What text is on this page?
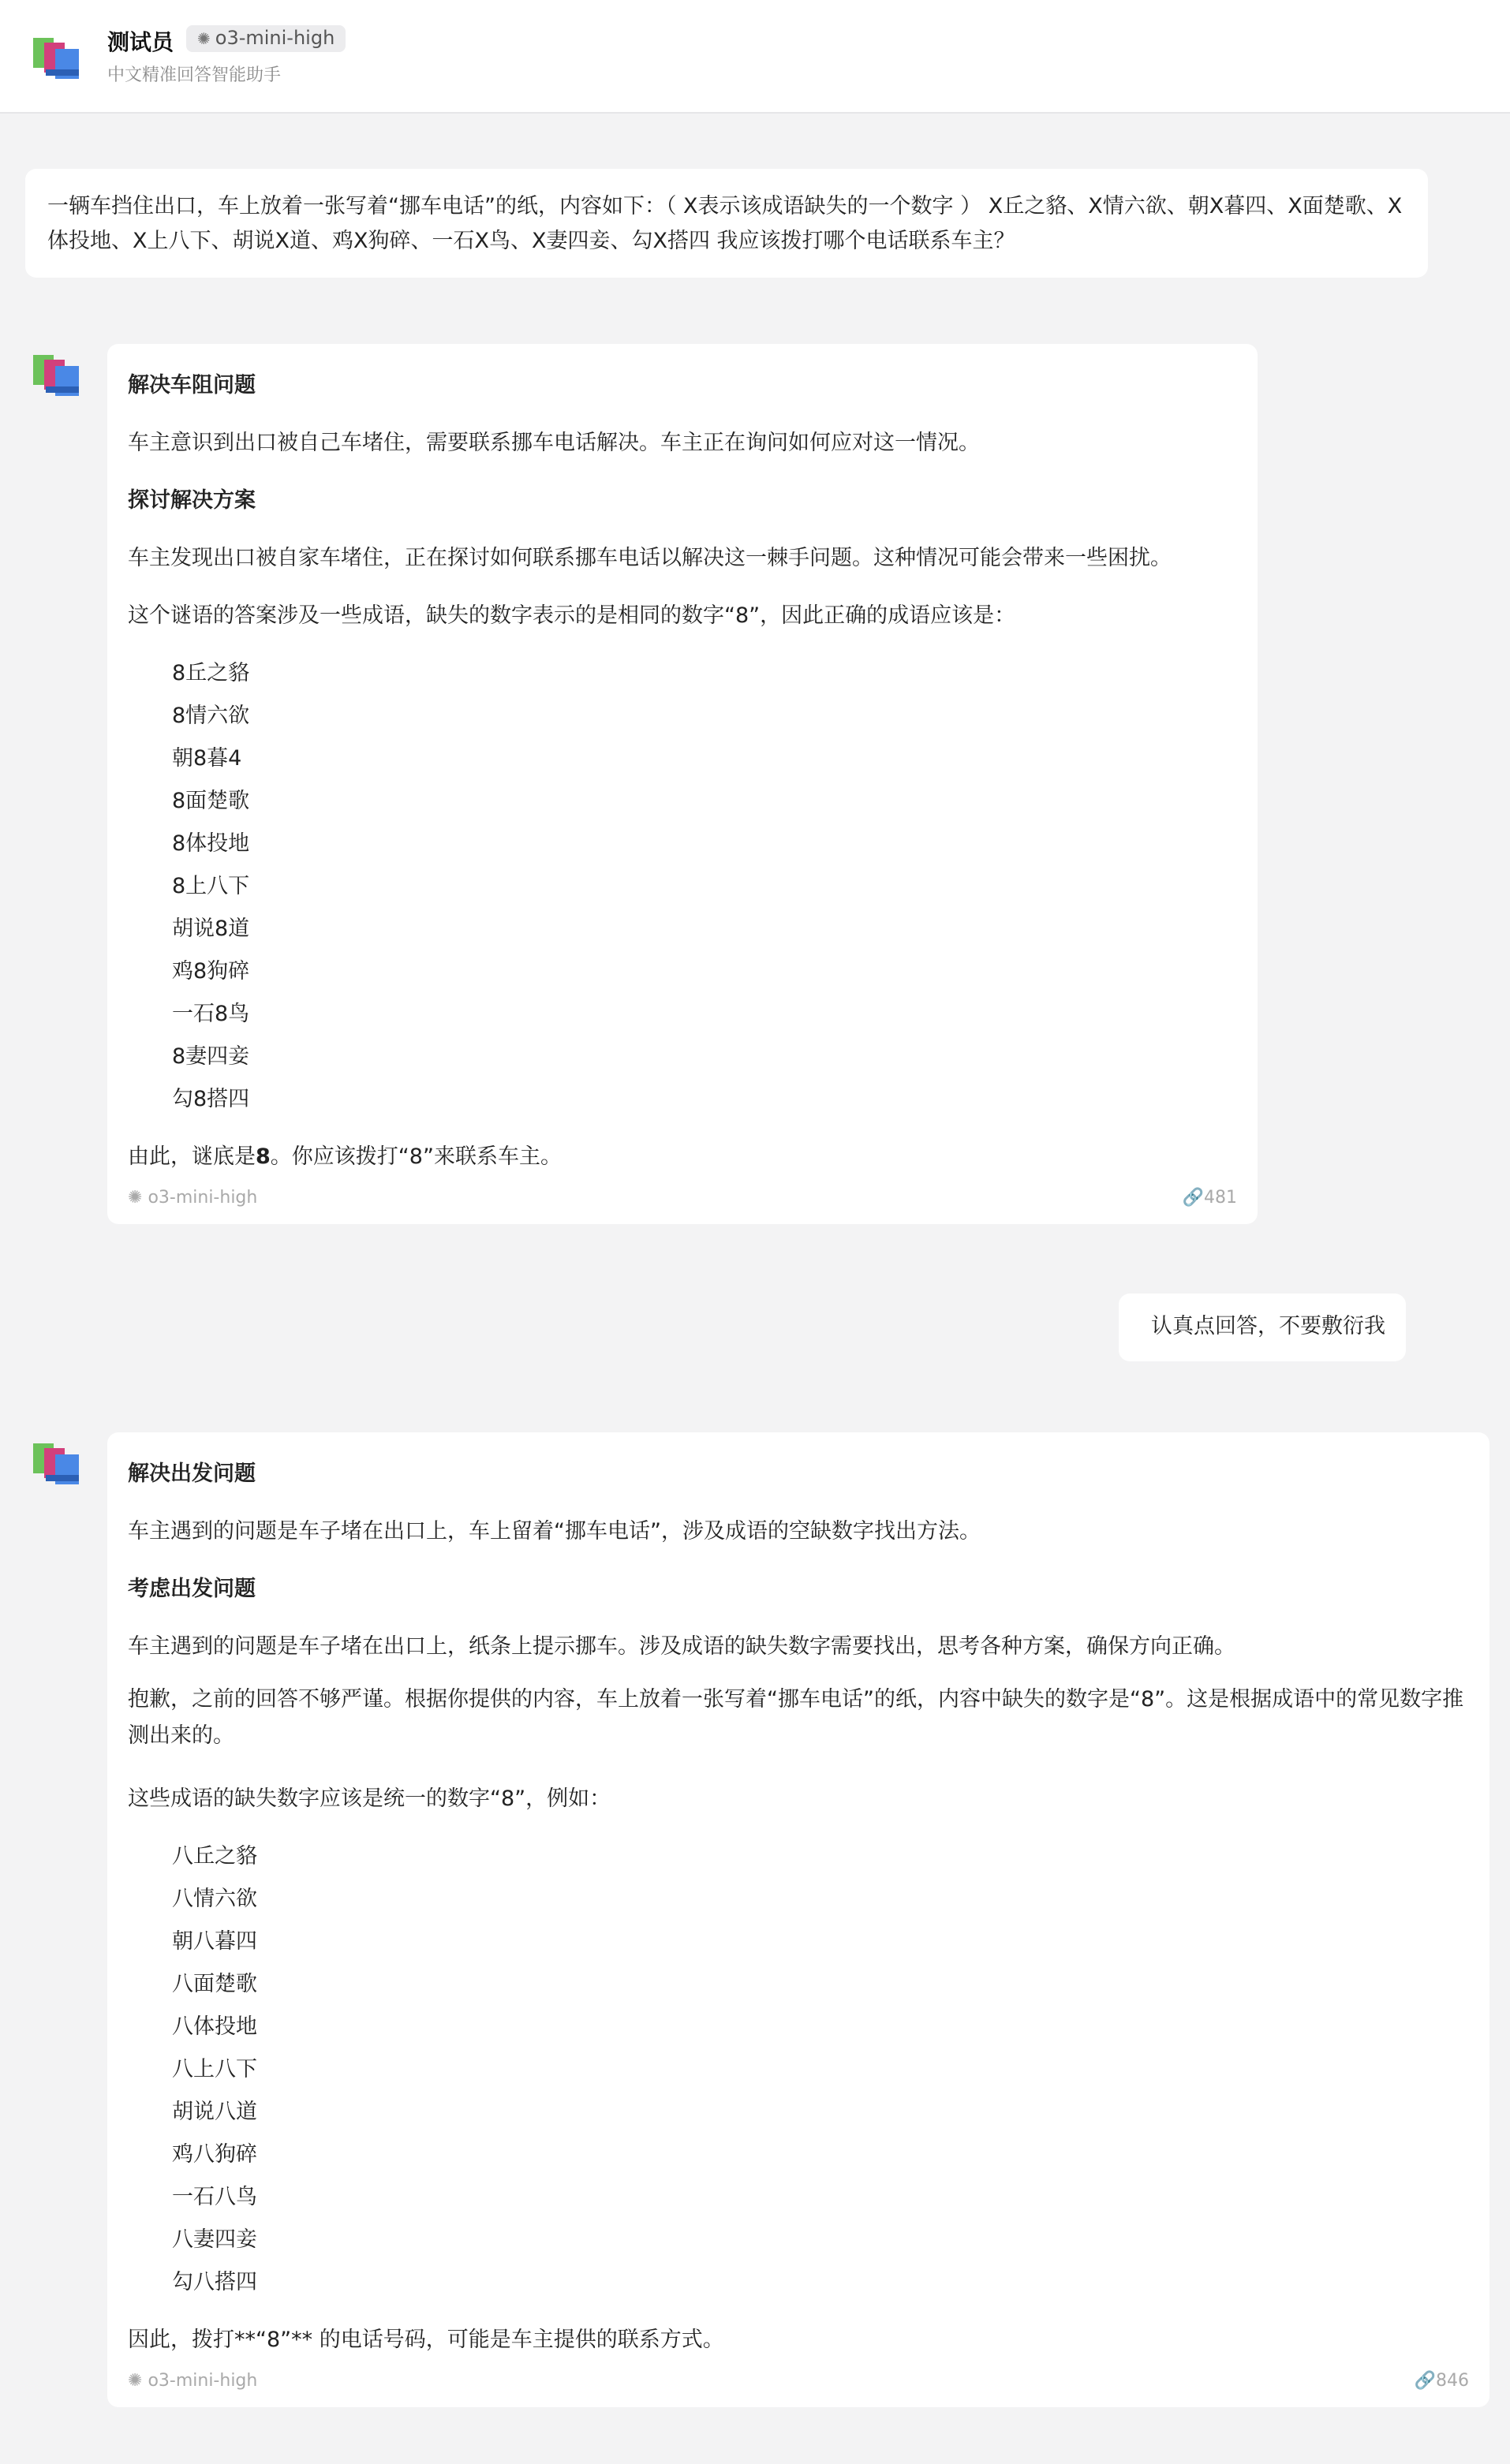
测试员	✺ o3-mini-high
中文精准回答智能助手
一辆车挡住出口，车上放着一张写着“挪车电话”的纸，内容如下：（ X表示该成语缺失的一个数字 ） X丘之貉、X情六欲、朝X暮四、X面楚歌、X体投地、X上八下、胡说X道、鸡X狗碎、一石X鸟、X妻四妾、勾X搭四 我应该拨打哪个电话联系车主？
解决车阻问题
车主意识到出口被自己车堵住，需要联系挪车电话解决。车主正在询问如何应对这一情况。
探讨解决方案
车主发现出口被自家车堵住，正在探讨如何联系挪车电话以解决这一棘手问题。这种情况可能会带来一些困扰。
这个谜语的答案涉及一些成语，缺失的数字表示的是相同的数字“8”，因此正确的成语应该是：
8丘之貉
8情六欲
朝8暮4
8面楚歌
8体投地
8上八下
胡说8道
鸡8狗碎
一石8鸟
8妻四妾
勾8搭四
由此，谜底是8。你应该拨打“8”来联系车主。
✺ o3-mini-high	🔗481
认真点回答，不要敷衍我
解决出发问题
车主遇到的问题是车子堵在出口上，车上留着“挪车电话”，涉及成语的空缺数字找出方法。
考虑出发问题
车主遇到的问题是车子堵在出口上，纸条上提示挪车。涉及成语的缺失数字需要找出，思考各种方案，确保方向正确。
抱歉，之前的回答不够严谨。根据你提供的内容，车上放着一张写着“挪车电话”的纸，内容中缺失的数字是“8”。这是根据成语中的常见数字推测出来的。
这些成语的缺失数字应该是统一的数字“8”，例如：
八丘之貉
八情六欲
朝八暮四
八面楚歌
八体投地
八上八下
胡说八道
鸡八狗碎
一石八鸟
八妻四妾
勾八搭四
因此，拨打**“8”** 的电话号码，可能是车主提供的联系方式。
✺ o3-mini-high	🔗846
